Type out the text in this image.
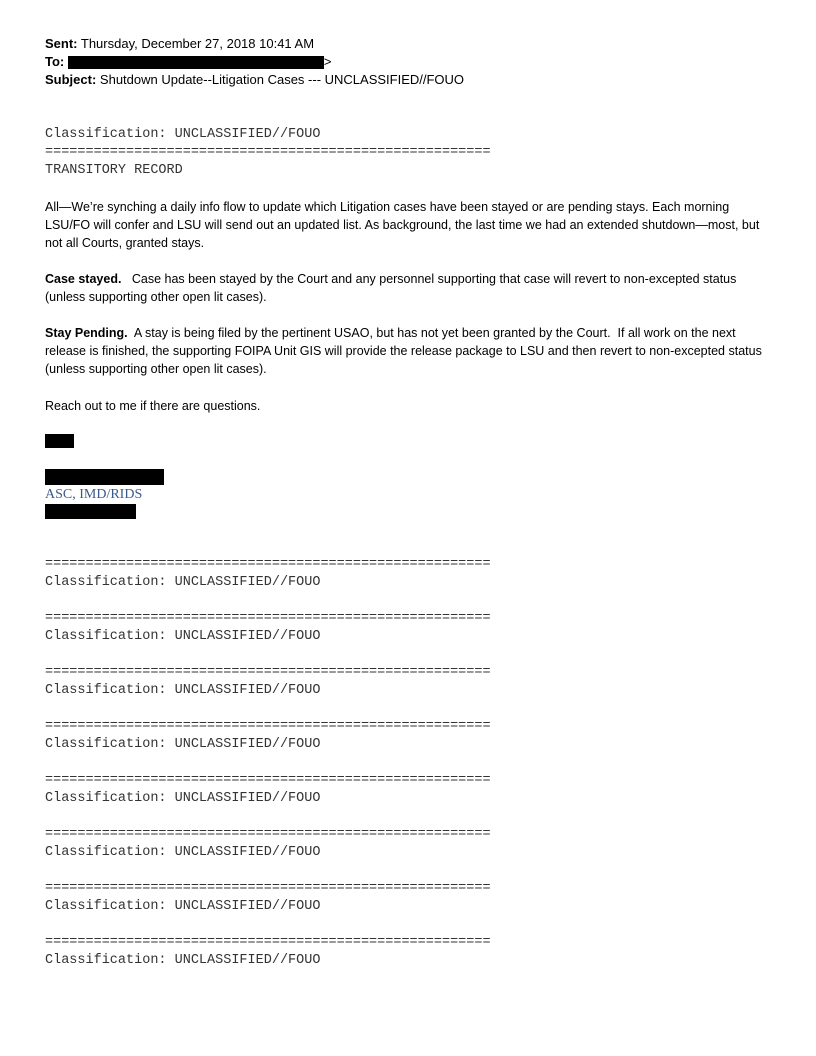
Sent: Thursday, December 27, 2018 10:41 AM
To:	>
Subject: Shutdown Update--Litigation Cases --- UNCLASSIFIED//FOUO
Classification: UNCLASSIFIED//FOUO
=======================================================
TRANSITORY RECORD

All—We’re synching a daily info flow to update which Litigation cases have been stayed or are pending stays. Each morning LSU/FO will confer and LSU will send out an updated list. As background, the last time we had an extended shutdown—most, but not all Courts, granted stays.

Case stayed.   Case has been stayed by the Court and any personnel supporting that case will revert to non-excepted status (unless supporting other open lit cases).

Stay Pending.  A stay is being filed by the pertinent USAO, but has not yet been granted by the Court.  If all work on the next release is finished, the supporting FOIPA Unit GIS will provide the release package to LSU and then revert to non-excepted status (unless supporting other open lit cases).

Reach out to me if there are questions.
ASC, IMD/RIDS
=======================================================
Classification: UNCLASSIFIED//FOUO
=======================================================
Classification: UNCLASSIFIED//FOUO
=======================================================
Classification: UNCLASSIFIED//FOUO
=======================================================
Classification: UNCLASSIFIED//FOUO
=======================================================
Classification: UNCLASSIFIED//FOUO
=======================================================
Classification: UNCLASSIFIED//FOUO
=======================================================
Classification: UNCLASSIFIED//FOUO
=======================================================
Classification: UNCLASSIFIED//FOUO
